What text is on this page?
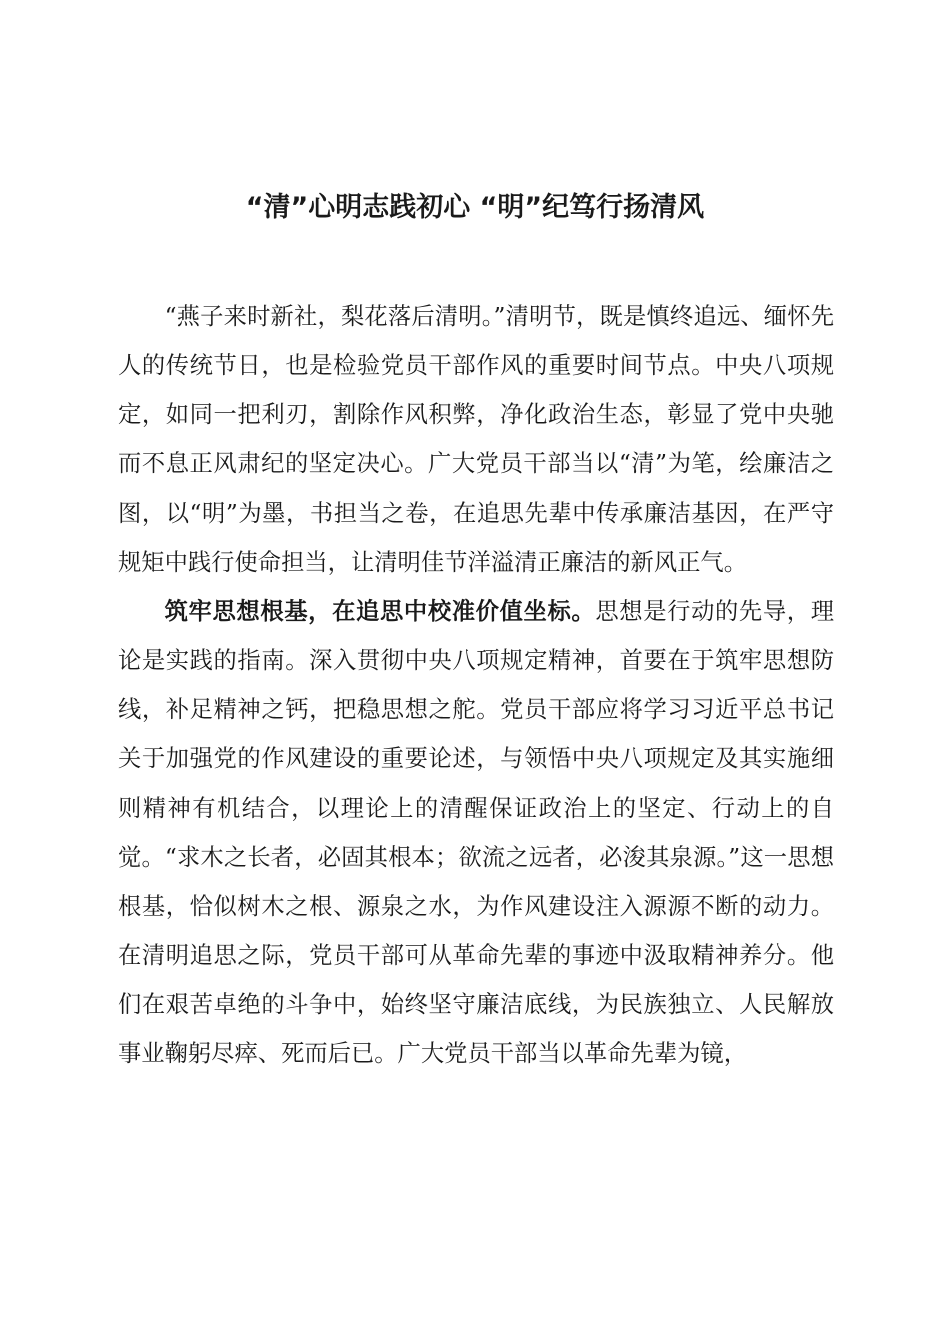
“清”心明志践初心 “明”纪笃行扬清风

“燕子来时新社，梨花落后清明。”清明节，既是慎终追远、缅怀先人的传统节日，也是检验党员干部作风的重要时间节点。中央八项规定，如同一把利刃，割除作风积弊，净化政治生态，彰显了党中央驰而不息正风肃纪的坚定决心。广大党员干部当以“清”为笔，绘廉洁之图，以“明”为墨，书担当之卷，在追思先辈中传承廉洁基因，在严守规矩中践行使命担当，让清明佳节洋溢清正廉洁的新风正气。

筑牢思想根基，在追思中校准价值坐标。思想是行动的先导，理论是实践的指南。深入贯彻中央八项规定精神，首要在于筑牢思想防线，补足精神之钙，把稳思想之舵。党员干部应将学习习近平总书记关于加强党的作风建设的重要论述，与领悟中央八项规定及其实施细则精神有机结合，以理论上的清醒保证政治上的坚定、行动上的自觉。“求木之长者，必固其根本；欲流之远者，必浚其泉源。”这一思想根基，恰似树木之根、源泉之水，为作风建设注入源源不断的动力。在清明追思之际，党员干部可从革命先辈的事迹中汲取精神养分。他们在艰苦卓绝的斗争中，始终坚守廉洁底线，为民族独立、人民解放事业鞠躬尽瘁、死而后已。广大党员干部当以革命先辈为镜，
